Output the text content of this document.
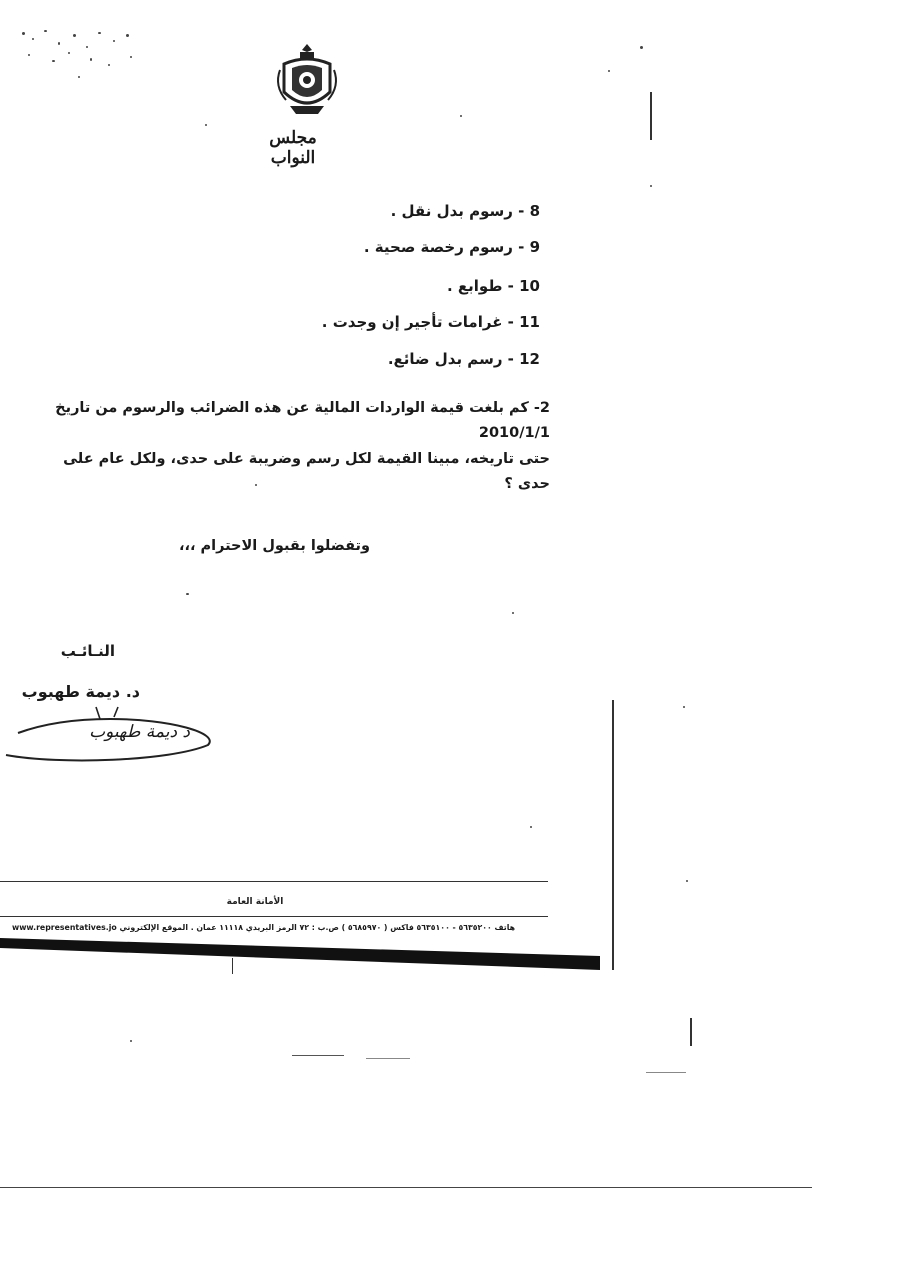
مجلس النواب
8 - رسوم بدل نقل .
9 - رسوم رخصة صحية .
10 - طوابع .
11 - غرامات تأجير إن وجدت .
12 - رسم بدل ضائع.
2- كم بلغت قيمة الواردات المالية عن هذه الضرائب والرسوم من تاريخ 2010/1/1
حتى تاريخه، مبينا القيمة لكل رسم وضريبة على حدى، ولكل عام على حدى ؟
وتفضلوا بقبول الاحترام ،،،
النـائـب
د. ديمة طهبوب
د ديمة طهبوب
الأمانة العامة
www.representatives.jo هاتف ٥٦٣٥٢٠٠ - ٥٦٣٥١٠٠ فاكس ( ٥٦٨٥٩٧٠ ) ص.ب : ٧٢ الرمز البريدي ١١١١٨ عمان . الموقع الإلكتروني
